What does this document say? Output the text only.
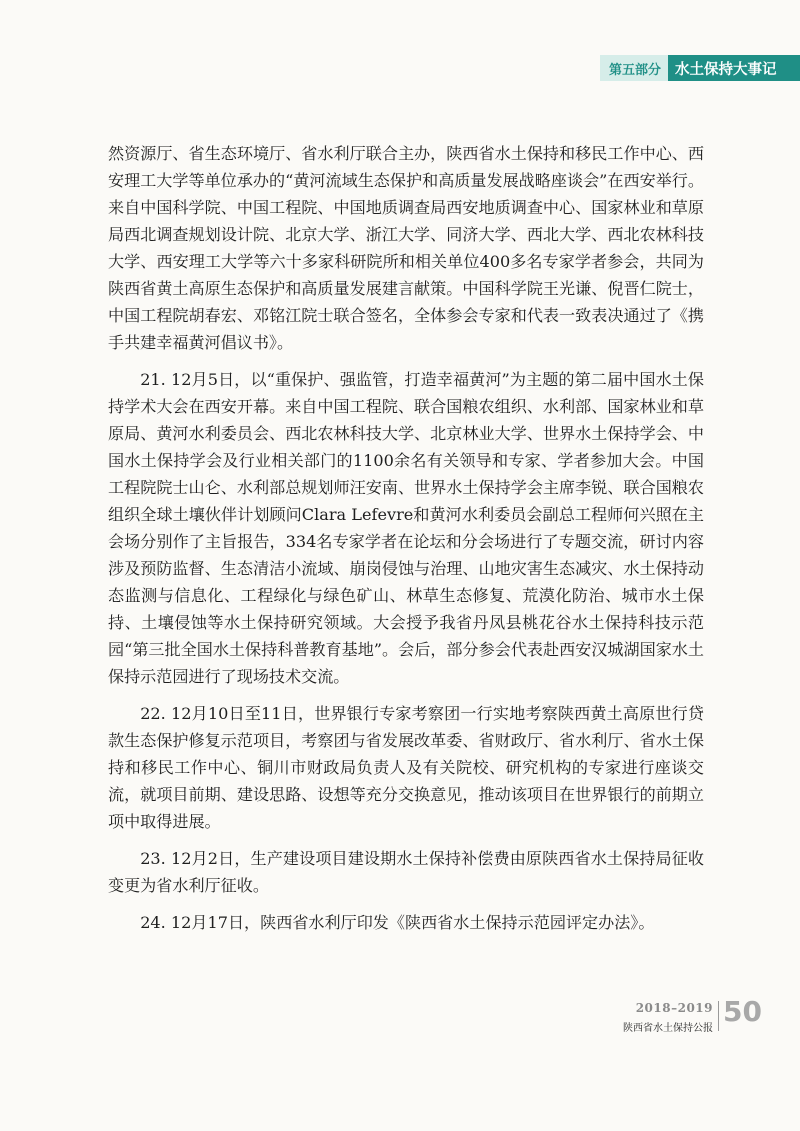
第五部分 水土保持大事记

然资源厅、省生态环境厅、省水利厅联合主办，陕西省水土保持和移民工作中心、西安理工大学等单位承办的“黄河流域生态保护和高质量发展战略座谈会”在西安举行。来自中国科学院、中国工程院、中国地质调查局西安地质调查中心、国家林业和草原局西北调查规划设计院、北京大学、浙江大学、同济大学、西北大学、西北农林科技大学、西安理工大学等六十多家科研院所和相关单位400多名专家学者参会，共同为陕西省黄土高原生态保护和高质量发展建言献策。中国科学院王光谦、倪晋仁院士，中国工程院胡春宏、邓铭江院士联合签名，全体参会专家和代表一致表决通过了《携手共建幸福黄河倡议书》。

21. 12月5日，以“重保护、强监管，打造幸福黄河”为主题的第二届中国水土保持学术大会在西安开幕。来自中国工程院、联合国粮农组织、水利部、国家林业和草原局、黄河水利委员会、西北农林科技大学、北京林业大学、世界水土保持学会、中国水土保持学会及行业相关部门的1100余名有关领导和专家、学者参加大会。中国工程院院士山仑、水利部总规划师汪安南、世界水土保持学会主席李锐、联合国粮农组织全球土壤伙伴计划顾问Clara Lefevre和黄河水利委员会副总工程师何兴照在主会场分别作了主旨报告，334名专家学者在论坛和分会场进行了专题交流，研讨内容涉及预防监督、生态清洁小流域、崩岗侵蚀与治理、山地灾害生态减灾、水土保持动态监测与信息化、工程绿化与绿色矿山、林草生态修复、荒漠化防治、城市水土保持、土壤侵蚀等水土保持研究领域。大会授予我省丹凤县桃花谷水土保持科技示范园“第三批全国水土保持科普教育基地”。会后，部分参会代表赴西安汉城湖国家水土保持示范园进行了现场技术交流。

22. 12月10日至11日，世界银行专家考察团一行实地考察陕西黄土高原世行贷款生态保护修复示范项目，考察团与省发展改革委、省财政厅、省水利厅、省水土保持和移民工作中心、铜川市财政局负责人及有关院校、研究机构的专家进行座谈交流，就项目前期、建设思路、设想等充分交换意见，推动该项目在世界银行的前期立项中取得进展。

23. 12月2日，生产建设项目建设期水土保持补偿费由原陕西省水土保持局征收变更为省水利厅征收。

24. 12月17日，陕西省水利厅印发《陕西省水土保持示范园评定办法》。

2018–2019
陕西省水土保持公报
50
